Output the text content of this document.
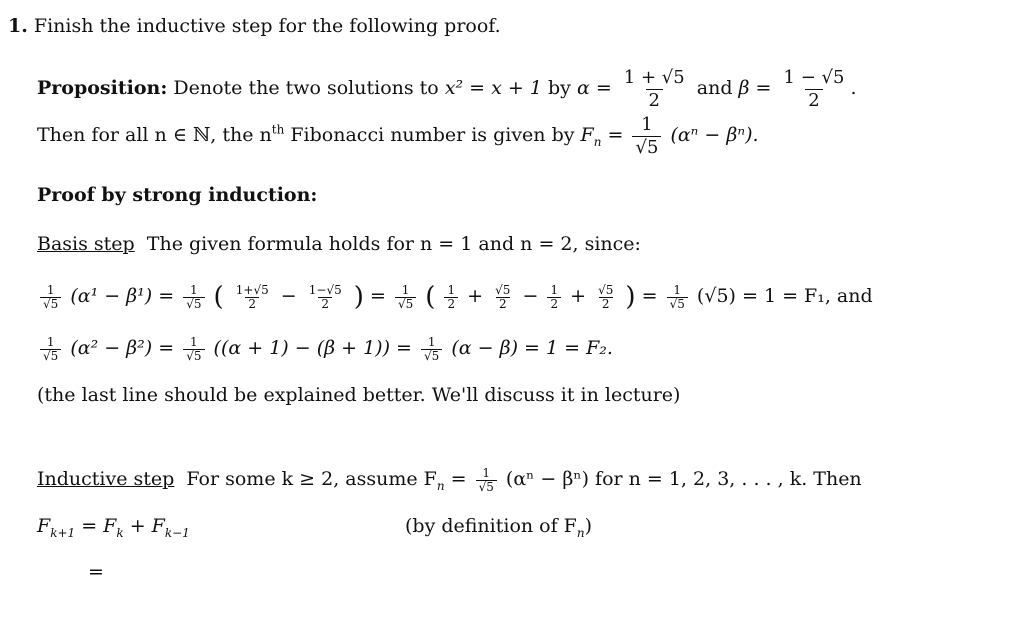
1. Finish the inductive step for the following proof.
Proposition: Denote the two solutions to x² = x + 1 by $\alpha = \frac{1 + √5}{2}$ and $\beta = \frac{1 - √5}{2}$ .
Then for all n ∈ ℕ, the $n^{th}$ Fibonacci number is given by $F_n = \frac{1}{√5} (\alpha^n - \beta^n)$.
Proof by strong induction:
Basis step The given formula holds for n = 1 and n = 2, since:
$\frac{1}{√5} (\alpha^1 - \beta^1) = \frac{1}{√5}$ ( $\frac{1+√5}{2} - \frac{1-√5}{2}$ ) = $\frac{1}{√5}$ ( $\frac{1}{2} + \frac{√5}{2} - \frac{1}{2} + \frac{√5}{2}$ ) = $\frac{1}{√5} (√5) = 1 = F_1$, and
$\frac{1}{√5} (\alpha^2 - \beta^2) = \frac{1}{√5} ((\alpha + 1) - (\beta + 1)) = \frac{1}{√5} (\alpha - \beta) = 1 = F_2$.
(the last line should be explained better. We'll discuss it in lecture)
Inductive step For some k ≥ 2, assume $F_n = \frac{1}{√5} (\alpha^n - \beta^n)$ for n = 1, 2, 3, . . . , k. Then
$F_{k+1} = F_k + F_{k-1}$	(by definition of $F_n$)
=
